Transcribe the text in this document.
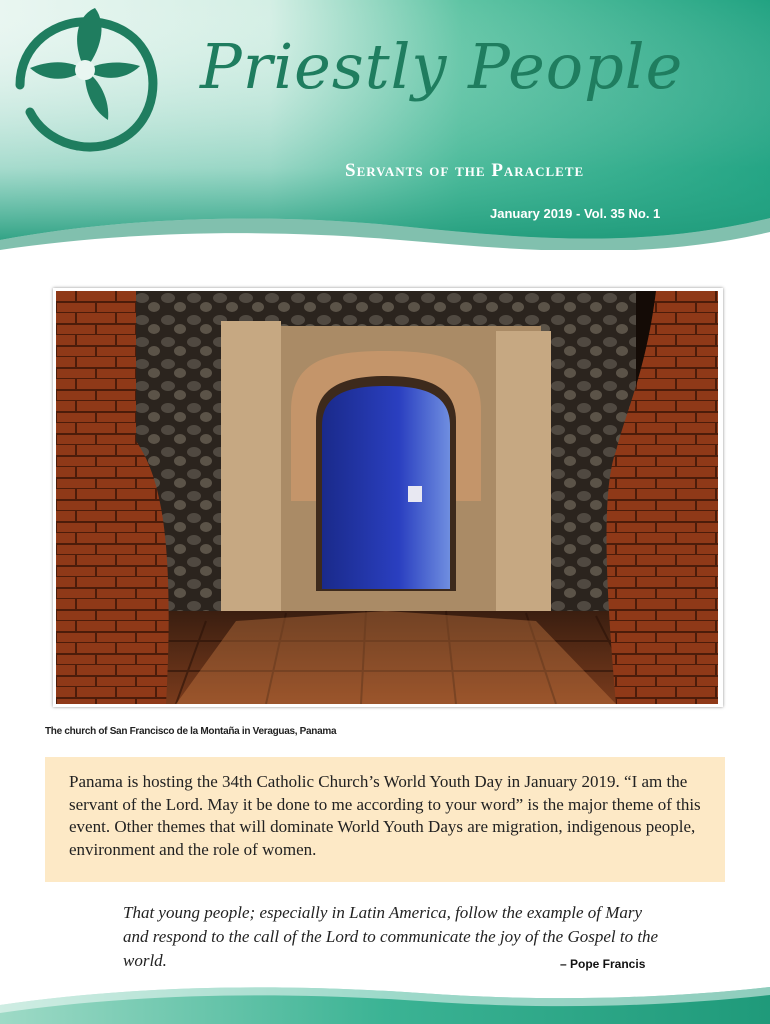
Priestly People
Servants of the Paraclete
January 2019 - Vol. 35 No. 1
The church of San Francisco de la Montaña in Veraguas, Panama

Panama is hosting the 34th Catholic Church’s World Youth Day in January 2019. “I am the servant of the Lord. May it be done to me according to your word” is the major theme of this event. Other themes that will dominate World Youth Days are migration, indigenous people, environment and the role of women.

That young people; especially in Latin America, follow the example of Mary and respond to the call of the Lord to communicate the joy of the Gospel to the world.	– Pope Francis
